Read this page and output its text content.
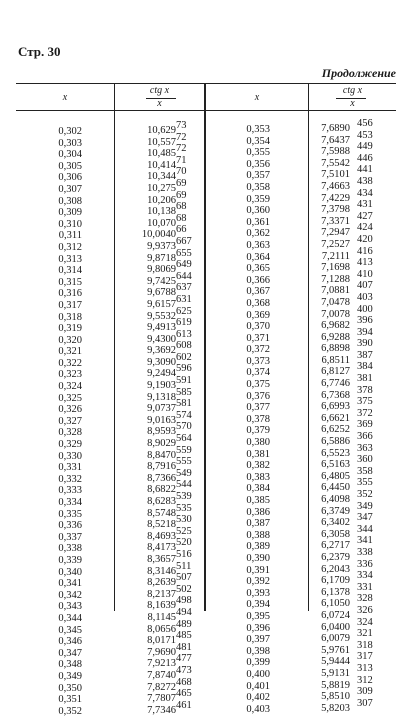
Стр. 30
Продолжение
x
ctg x
x
x
ctg x
x
0,302
0,303
0,304
0,305
0,306
0,307
0,308
0,309
0,310
0,311
0,312
0,313
0,314
0,315
0,316
0,317
0,318
0,319
0,320
0,321
0,322
0,323
0,324
0,325
0,326
0,327
0,328
0,329
0,330
0,331
0,332
0,333
0,334
0,335
0,336
0,337
0,338
0,339
0,340
0,341
0,342
0,343
0,344
0,345
0,346
0,347
0,348
0,349
0,350
0,351
0,352
10,629
10,557
10,485
10,414
10,344
10,275
10,206
10,138
10,070
10,0040
9,9373
9,8718
9,8069
9,7425
9,6788
9,6157
9,5532
9,4913
9,4300
9,3692
9,3090
9,2494
9,1903
9,1318
9,0737
9,0163
8,9593
8,9029
8,8470
8,7916
8,7366
8,6822
8,6283
8,5748
8,5218
8,4693
8,4173
8,3657
8,3146
8,2639
8,2137
8,1639
8,1145
8,0656
8,0171
7,9690
7,9213
7,8740
7,8272
7,7807
7,7346
73
72
72
71
70
69
69
68
68
66
667
655
649
644
637
631
625
619
613
608
602
596
591
585
581
574
570
564
559
555
549
544
539
535
530
525
520
516
511
507
502
498
494
489
485
481
477
473
468
465
461
0,353
0,354
0,355
0,356
0,357
0,358
0,359
0,360
0,361
0,362
0,363
0,364
0,365
0,366
0,367
0,368
0,369
0,370
0,371
0,372
0,373
0,374
0,375
0,376
0,377
0,378
0,379
0,380
0,381
0,382
0,383
0,384
0,385
0,386
0,387
0,388
0,389
0,390
0,391
0,392
0,393
0,394
0,395
0,396
0,397
0,398
0,399
0,400
0,401
0,402
0,403
7,6890
7,6437
7,5988
7,5542
7,5101
7,4663
7,4229
7,3798
7,3371
7,2947
7,2527
7,2111
7,1698
7,1288
7,0881
7,0478
7,0078
6,9682
6,9288
6,8898
6,8511
6,8127
6,7746
6,7368
6,6993
6,6621
6,6252
6,5886
6,5523
6,5163
6,4805
6,4450
6,4098
6,3749
6,3402
6,3058
6,2717
6,2379
6,2043
6,1709
6,1378
6,1050
6,0724
6,0400
6,0079
5,9761
5,9444
5,9131
5,8819
5,8510
5,8203
456
453
449
446
441
438
434
431
427
424
420
416
413
410
407
403
400
396
394
390
387
384
381
378
375
372
369
366
363
360
358
355
352
349
347
344
341
338
336
334
331
328
326
324
321
318
317
313
312
309
307
